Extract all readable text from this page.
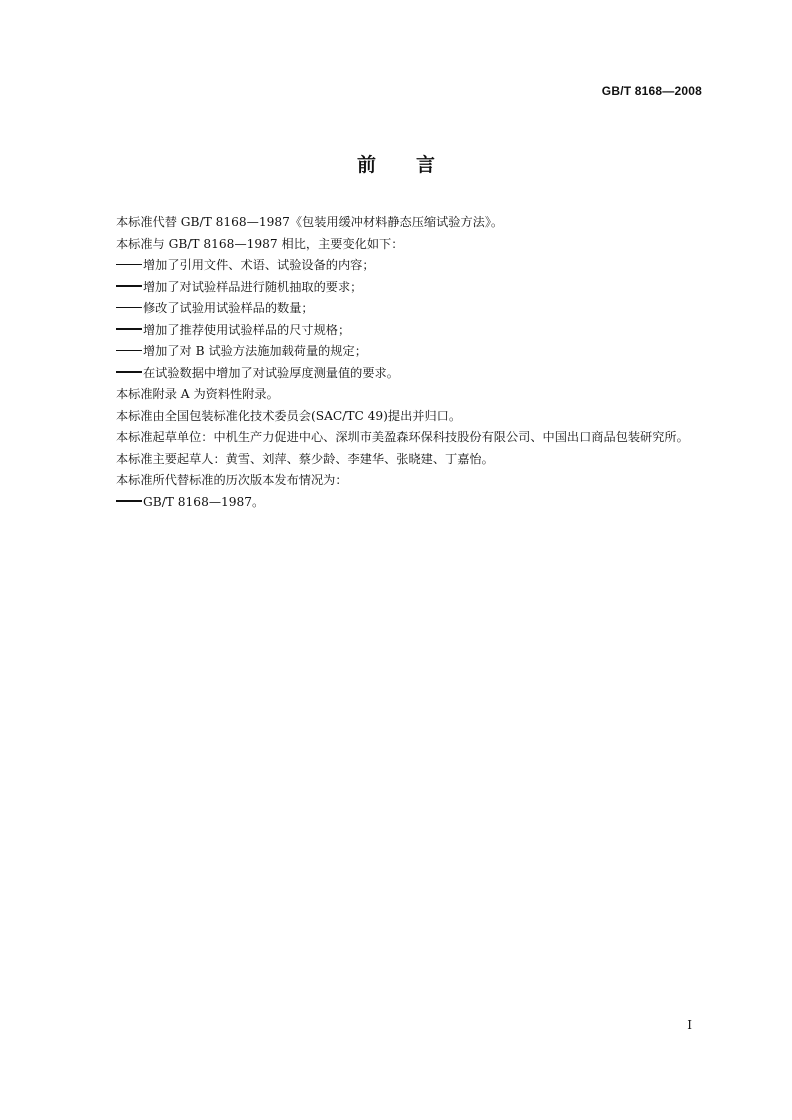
GB/T 8168—2008
前 言

本标准代替 GB/T 8168—1987《包装用缓冲材料静态压缩试验方法》。

本标准与 GB/T 8168—1987 相比，主要变化如下：

增加了引用文件、术语、试验设备的内容；

增加了对试验样品进行随机抽取的要求；

修改了试验用试验样品的数量；

增加了推荐使用试验样品的尺寸规格；

增加了对 B 试验方法施加载荷量的规定；

在试验数据中增加了对试验厚度测量值的要求。

本标准附录 A 为资料性附录。

本标准由全国包装标准化技术委员会(SAC/TC 49)提出并归口。

本标准起草单位：中机生产力促进中心、深圳市美盈森环保科技股份有限公司、中国出口商品包装研究所。

本标准主要起草人：黄雪、刘萍、蔡少龄、李建华、张晓建、丁嘉怡。

本标准所代替标准的历次版本发布情况为：

GB/T 8168—1987。

I
